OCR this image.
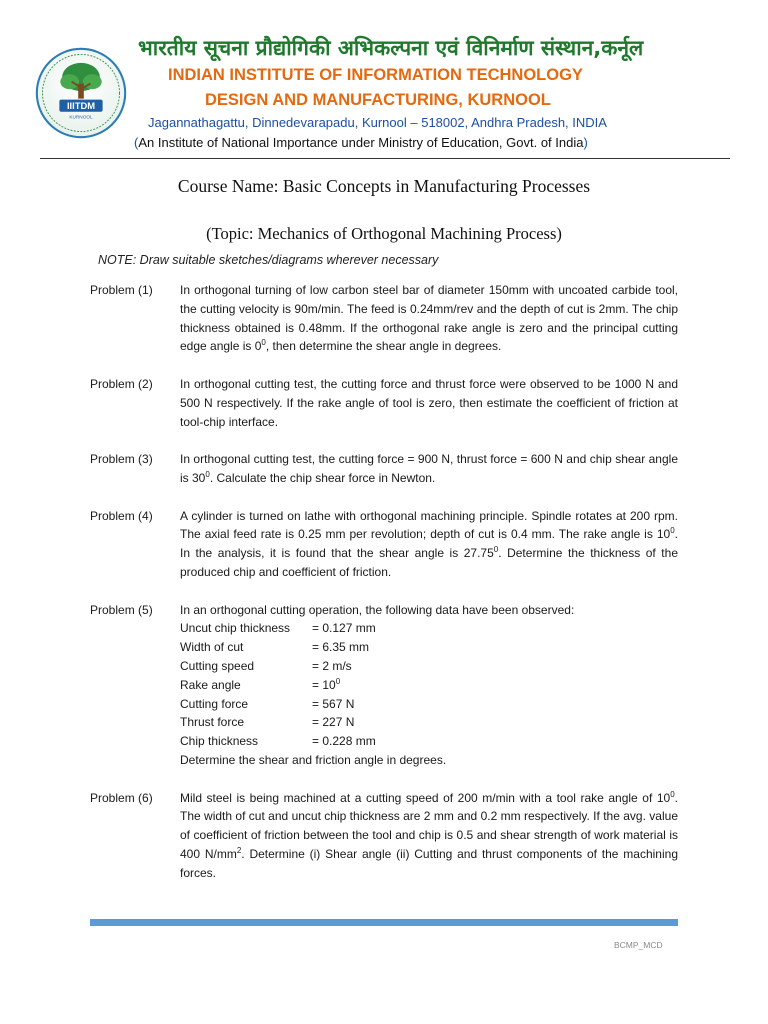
IIITDM
KURNOOL
भारतीय सूचना प्रौद्योगिकी अभिकल्पना एवं विनिर्माण संस्थान,कर्नूल
INDIAN INSTITUTE OF INFORMATION TECHNOLOGY
DESIGN AND MANUFACTURING, KURNOOL
Jagannathagattu, Dinnedevarapadu, Kurnool – 518002, Andhra Pradesh, INDIA
(An Institute of National Importance under Ministry of Education, Govt. of India)
Course Name: Basic Concepts in Manufacturing Processes
(Topic: Mechanics of Orthogonal Machining Process)
NOTE: Draw suitable sketches/diagrams wherever necessary
Problem (1)	In orthogonal turning of low carbon steel bar of diameter 150mm with uncoated carbide tool, the cutting velocity is 90m/min. The feed is 0.24mm/rev and the depth of cut is 2mm. The chip thickness obtained is 0.48mm. If the orthogonal rake angle is zero and the principal cutting edge angle is $0^0$, then determine the shear angle in degrees.
Problem (2)	In orthogonal cutting test, the cutting force and thrust force were observed to be 1000 N and 500 N respectively. If the rake angle of tool is zero, then estimate the coefficient of friction at tool-chip interface.
Problem (3)	In orthogonal cutting test, the cutting force = 900 N, thrust force = 600 N and chip shear angle is $30^0$. Calculate the chip shear force in Newton.
Problem (4)	A cylinder is turned on lathe with orthogonal machining principle. Spindle rotates at 200 rpm. The axial feed rate is 0.25 mm per revolution; depth of cut is 0.4 mm. The rake angle is $10^0$. In the analysis, it is found that the shear angle is 27.75$^0$. Determine the thickness of the produced chip and coefficient of friction.
Problem (5)	In an orthogonal cutting operation, the following data have been observed:
Uncut chip thickness	= 0.127 mm
Width of cut	= 6.35 mm
Cutting speed	= 2 m/s
Rake angle	= $10^0$
Cutting force	= 567 N
Thrust force	= 227 N
Chip thickness	= 0.228 mm
Determine the shear and friction angle in degrees.
Problem (6)	Mild steel is being machined at a cutting speed of 200 m/min with a tool rake angle of $10^0$. The width of cut and uncut chip thickness are 2 mm and 0.2 mm respectively. If the avg. value of coefficient of friction between the tool and chip is 0.5 and shear strength of work material is 400 $N/mm^2$. Determine (i) Shear angle (ii) Cutting and thrust components of the machining forces.
BCMP_MCD
